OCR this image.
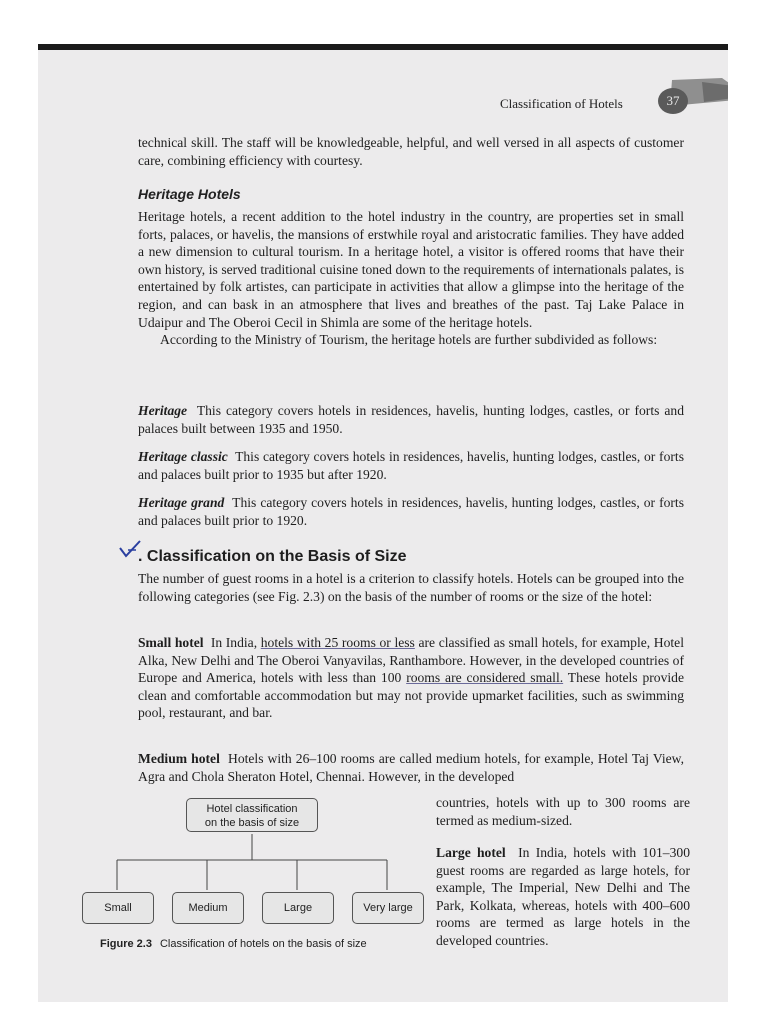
Classification of Hotels	37
technical skill. The staff will be knowledgeable, helpful, and well versed in all aspects of customer care, combining efficiency with courtesy.
Heritage Hotels

Heritage hotels, a recent addition to the hotel industry in the country, are properties set in small forts, palaces, or havelis, the mansions of erstwhile royal and aristocratic families. They have added a new dimension to cultural tourism. In a heritage hotel, a visitor is offered rooms that have their own history, is served traditional cuisine toned down to the requirements of internationals palates, is entertained by folk artistes, can participate in activities that allow a glimpse into the heritage of the region, and can bask in an atmosphere that lives and breathes of the past. Taj Lake Palace in Udaipur and The Oberoi Cecil in Shimla are some of the heritage hotels.

According to the Ministry of Tourism, the heritage hotels are further subdivided as follows:

Heritage This category covers hotels in residences, havelis, hunting lodges, castles, or forts and palaces built between 1935 and 1950.
Heritage classic This category covers hotels in residences, havelis, hunting lodges, castles, or forts and palaces built prior to 1935 but after 1920.
Heritage grand This category covers hotels in residences, havelis, hunting lodges, castles, or forts and palaces built prior to 1920.
. Classification on the Basis of Size
The number of guest rooms in a hotel is a criterion to classify hotels. Hotels can be grouped into the following categories (see Fig. 2.3) on the basis of the number of rooms or the size of the hotel:
Small hotel In India, hotels with 25 rooms or less are classified as small hotels, for example, Hotel Alka, New Delhi and The Oberoi Vanyavilas, Ranthambore. However, in the developed countries of Europe and America, hotels with less than 100 rooms are considered small. These hotels provide clean and comfortable accommodation but may not provide upmarket facilities, such as swimming pool, restaurant, and bar.
Medium hotel Hotels with 26–100 rooms are called medium hotels, for example, Hotel Taj View, Agra and Chola Sheraton Hotel, Chennai. However, in the developed
countries, hotels with up to 300 rooms are termed as medium-sized.
Large hotel In India, hotels with 101–300 guest rooms are regarded as large hotels, for example, The Imperial, New Delhi and The Park, Kolkata, whereas, hotels with 400–600 rooms are termed as large hotels in the developed countries.
Hotel classification
on the basis of size
Small	Medium	Large	Very large
Figure 2.3 Classification of hotels on the basis of size
